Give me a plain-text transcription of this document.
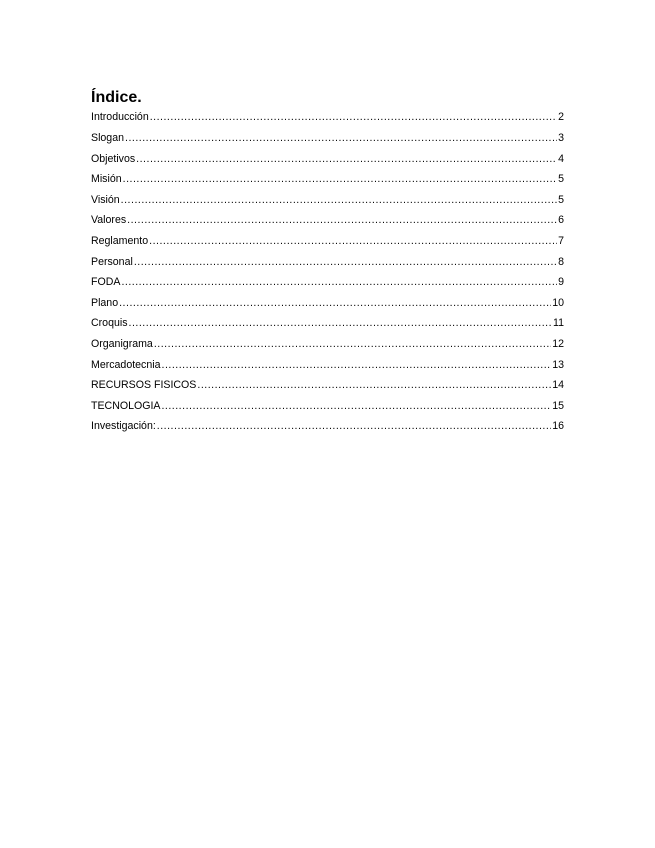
Índice.
Introducción .....	2
Slogan .....	3
Objetivos .....	4
Misión .....	5
Visión .....	5
Valores .....	6
Reglamento .....	7
Personal .....	8
FODA .....	9
Plano .....	10
Croquis .....	11
Organigrama .....	12
Mercadotecnia .....	13
RECURSOS FISICOS .....	14
TECNOLOGIA .....	15
Investigación: .....	16
